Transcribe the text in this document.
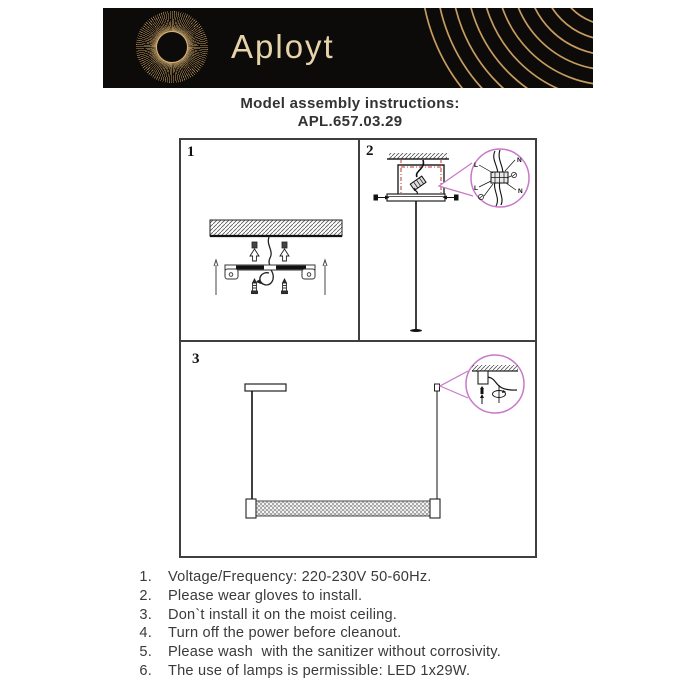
Aployt
Model assembly instructions:
APL.657.03.29
1	2
3
L
N
L	N
1. Voltage/Frequency: 220-230V 50-60Hz.
2. Please wear gloves to install.
3. Don`t install it on the moist ceiling.
4. Turn off the power before cleanout.
5. Please wash  with the sanitizer without corrosivity.
6. The use of lamps is permissible: LED 1x29W.
